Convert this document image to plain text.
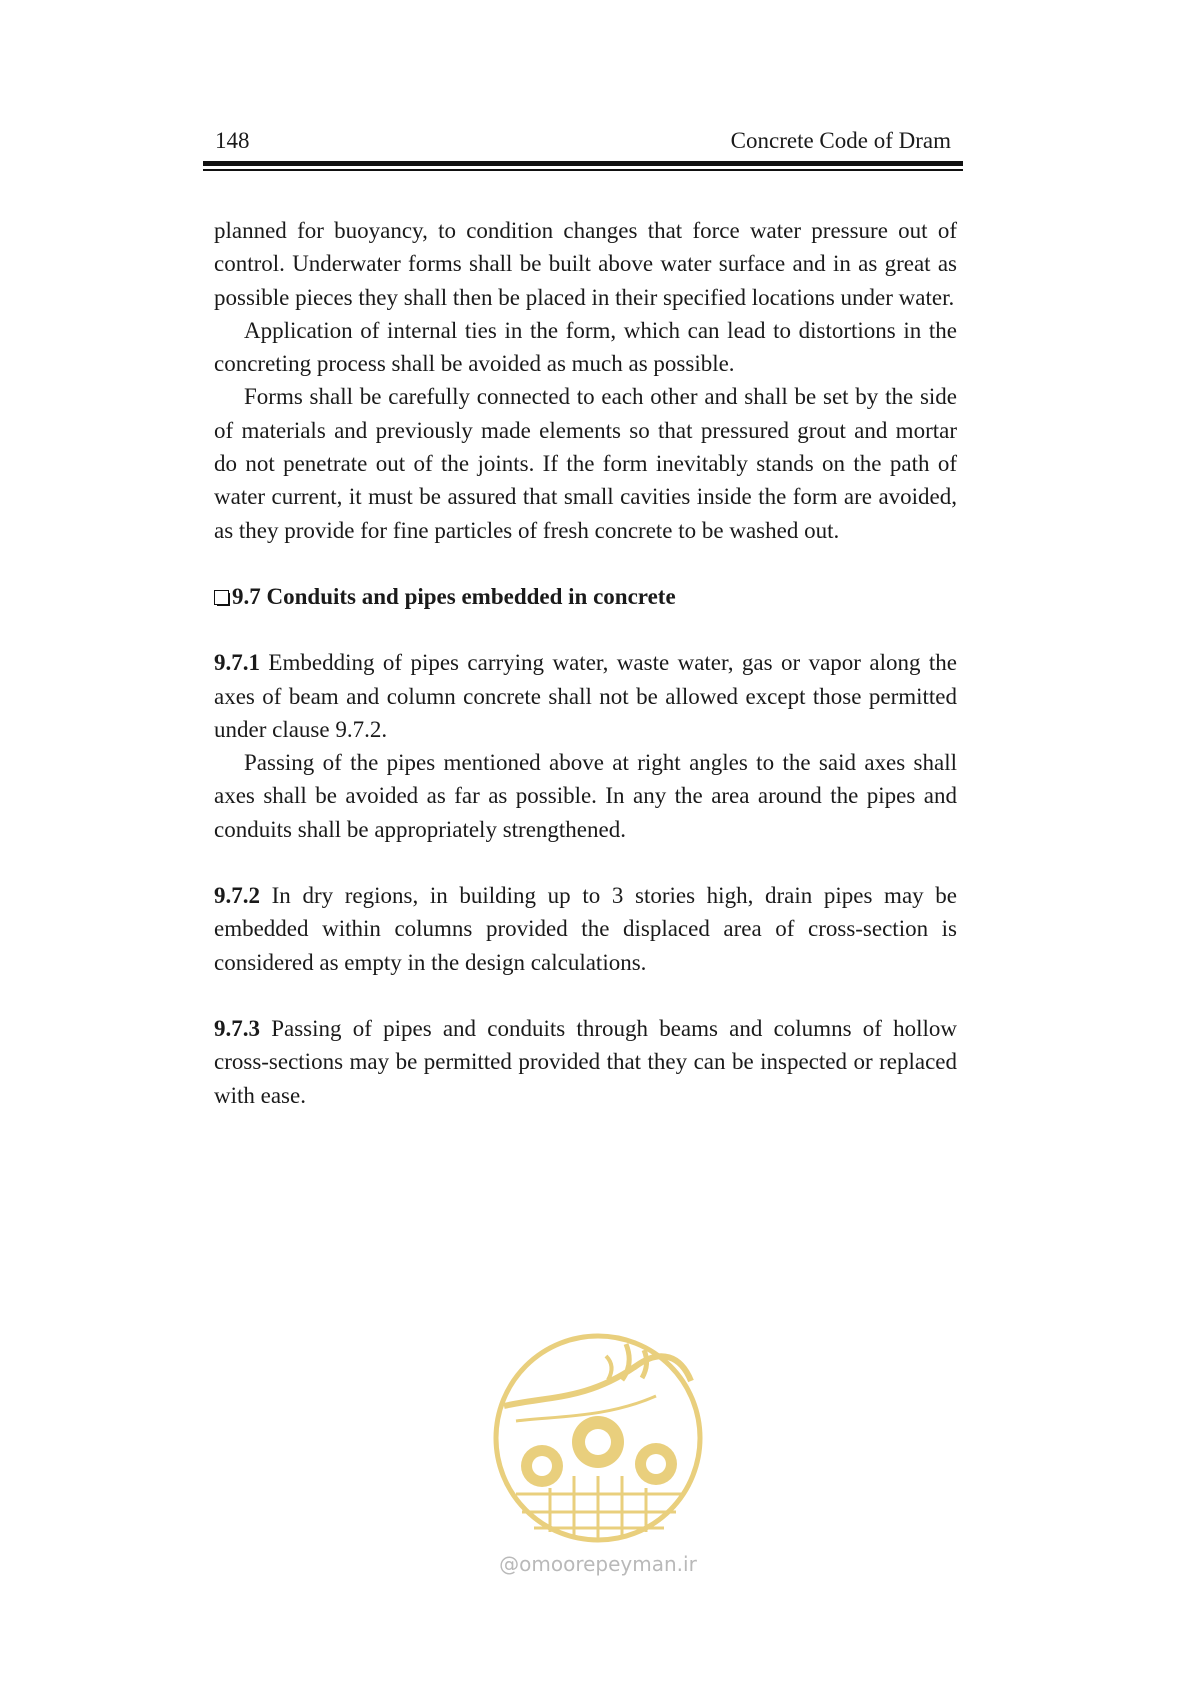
148	Concrete Code of Dram

planned for buoyancy, to condition changes that force water pressure out of control. Underwater forms shall be built above water surface and in as great as possible pieces they shall then be placed in their specified locations under water.

Application of internal ties in the form, which can lead to distortions in the concreting process shall be avoided as much as possible.

Forms shall be carefully connected to each other and shall be set by the side of materials and previously made elements so that pressured grout and mortar do not penetrate out of the joints. If the form inevitably stands on the path of water current, it must be assured that small cavities inside the form are avoided, as they provide for fine particles of fresh concrete to be washed out.

9.7 Conduits and pipes embedded in concrete

9.7.1 Embedding of pipes carrying water, waste water, gas or vapor along the axes of beam and column concrete shall not be allowed except those permitted under clause 9.7.2.

Passing of the pipes mentioned above at right angles to the said axes shall axes shall be avoided as far as possible. In any the area around the pipes and conduits shall be appropriately strengthened.

9.7.2 In dry regions, in building up to 3 stories high, drain pipes may be embedded within columns provided the displaced area of cross-section is considered as empty in the design calculations.

9.7.3 Passing of pipes and conduits through beams and columns of hollow cross-sections may be permitted provided that they can be inspected or replaced with ease.

@omoorepeyman.ir
